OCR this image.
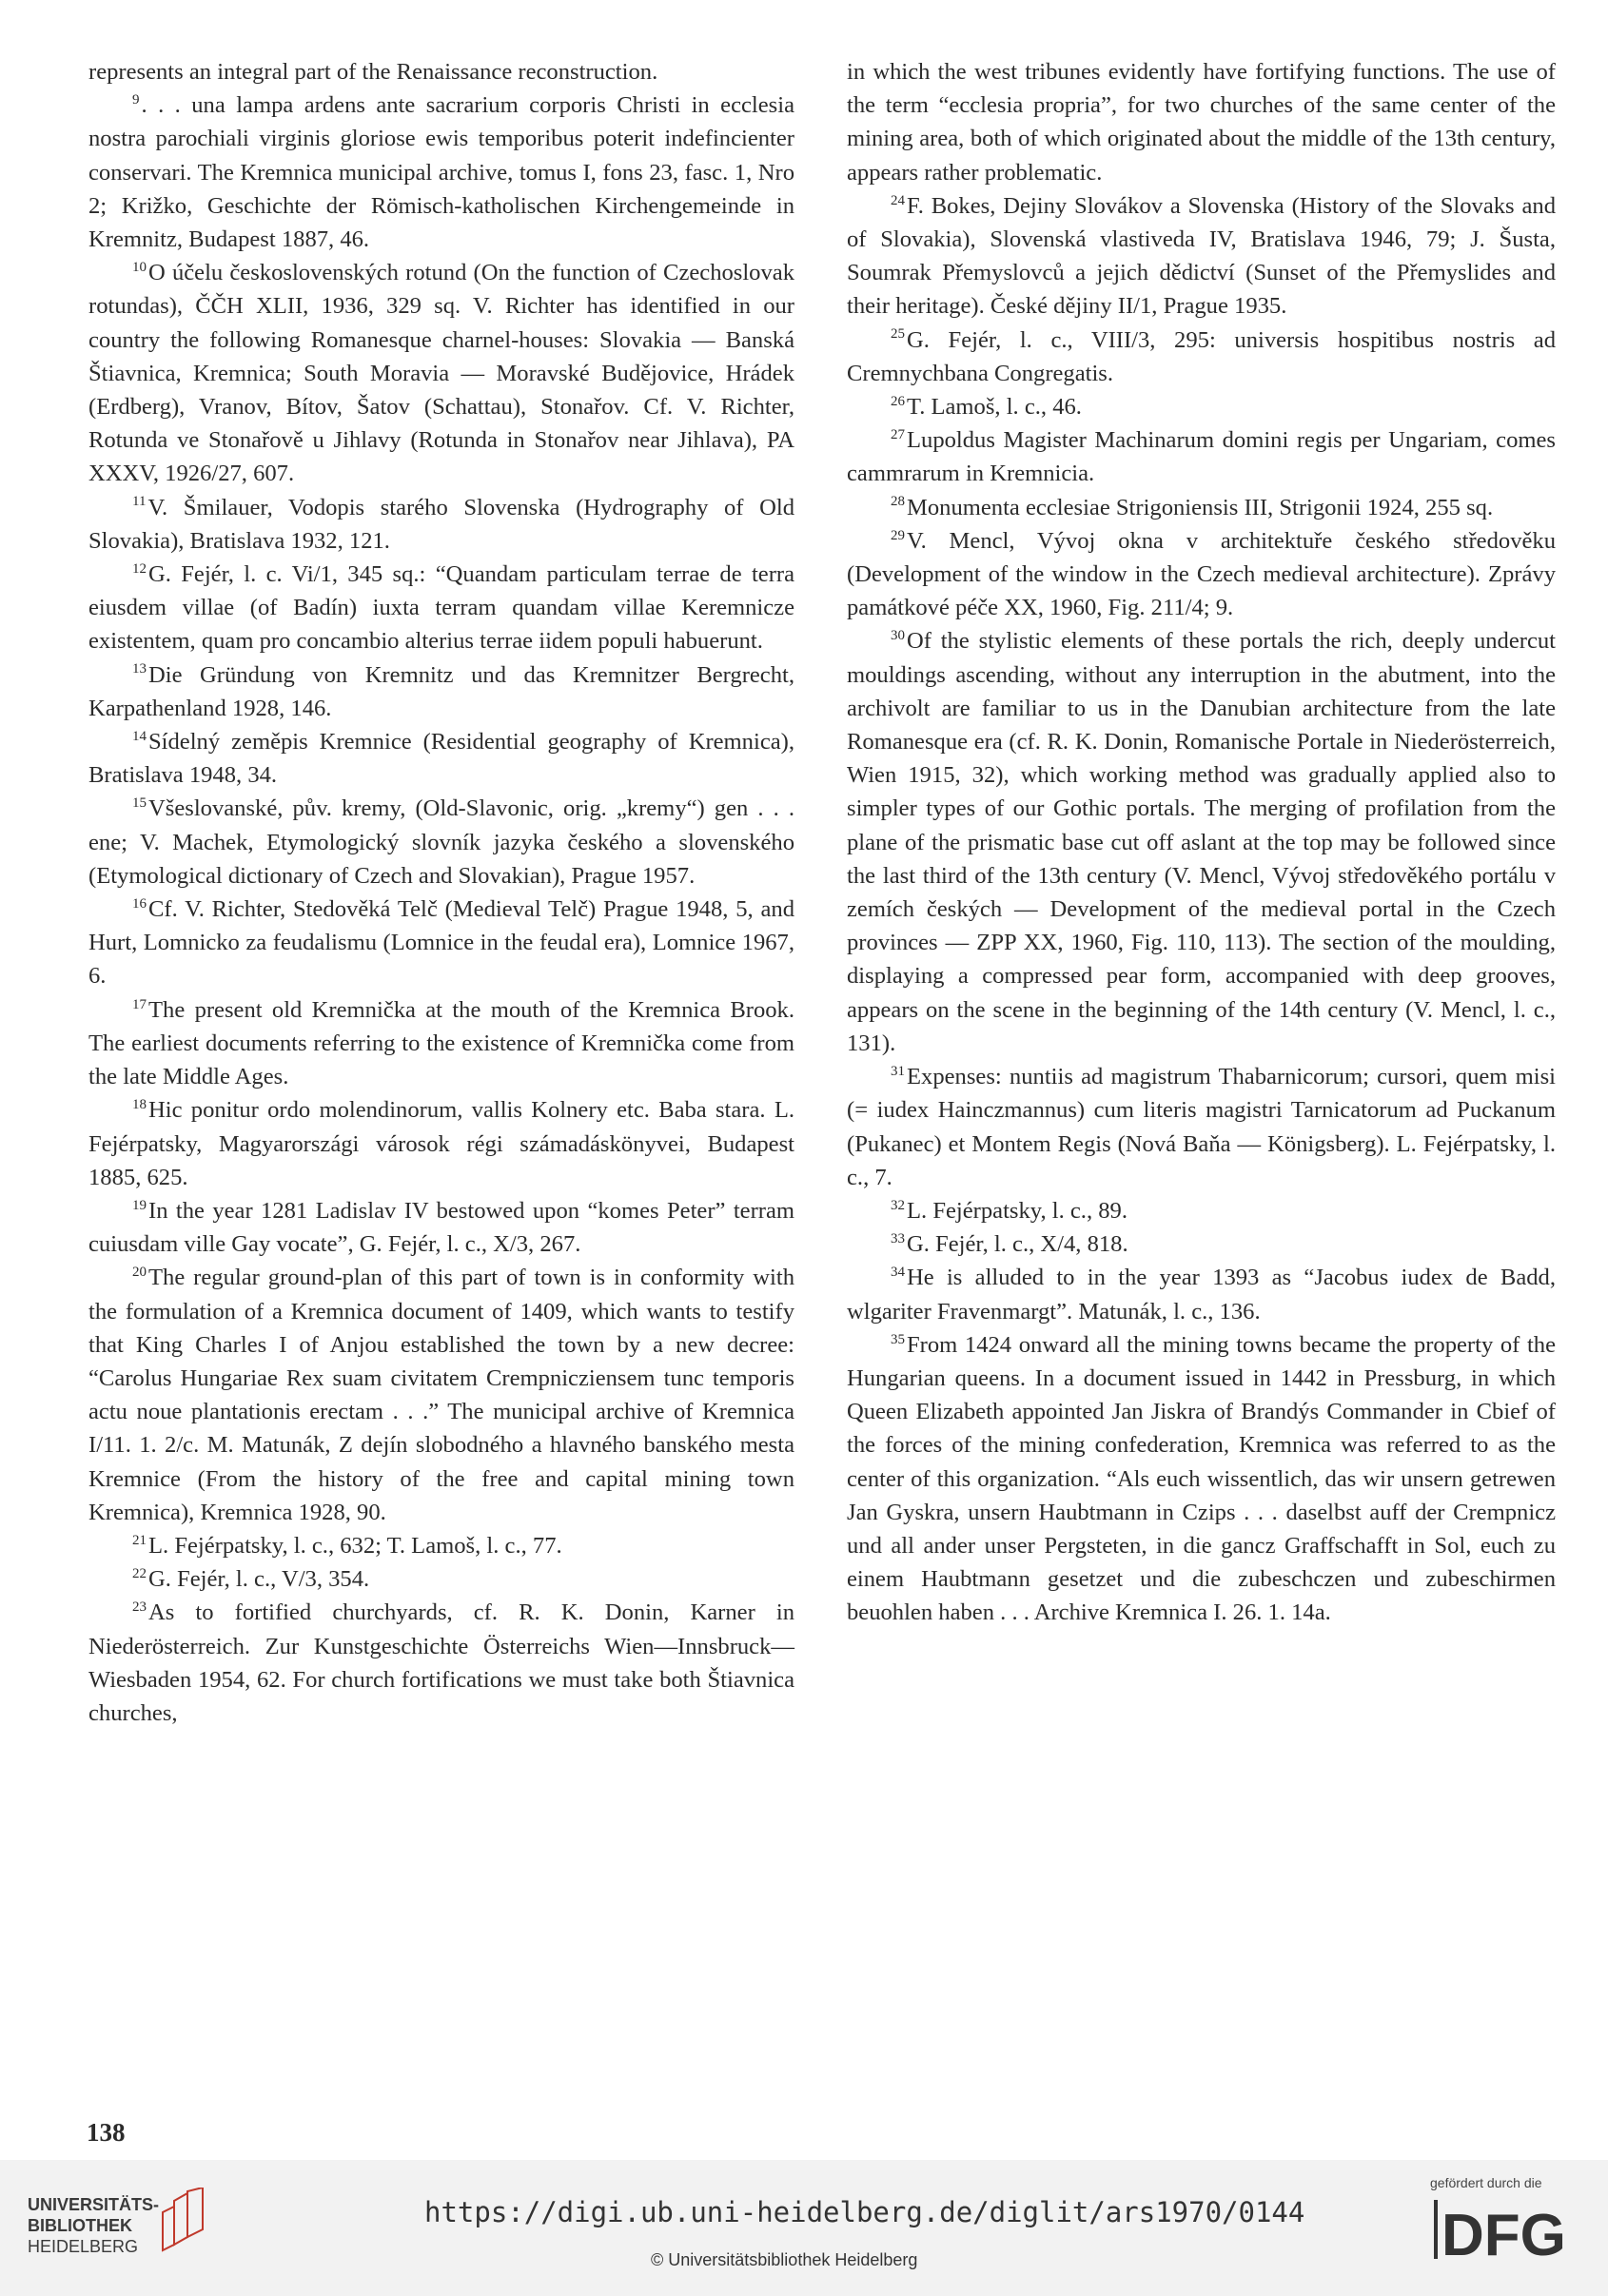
represents an integral part of the Renaissance reconstruction.

$^9$. . . una lampa ardens ante sacrarium corporis Christi in ecclesia nostra parochiali virginis gloriose ewis temporibus poterit indefincienter conservari. The Kremnica municipal archive, tomus I, fons 23, fasc. 1, Nro 2; Križko, Geschichte der Römisch-katholischen Kirchengemeinde in Kremnitz, Budapest 1887, 46.

$^{10}$O účelu československých rotund (On the function of Czechoslovak rotundas), ČČH XLII, 1936, 329 sq. V. Richter has identified in our country the following Romanesque charnel-houses: Slovakia — Banská Štiavnica, Kremnica; South Moravia — Moravské Budějovice, Hrádek (Erdberg), Vranov, Bítov, Šatov (Schattau), Stonařov. Cf. V. Richter, Rotunda ve Stonařově u Jihlavy (Rotunda in Stonařov near Jihlava), PA XXXV, 1926/27, 607.

$^{11}$V. Šmilauer, Vodopis starého Slovenska (Hydrography of Old Slovakia), Bratislava 1932, 121.

$^{12}$G. Fejér, l. c. Vi/1, 345 sq.: “Quandam particulam terrae de terra eiusdem villae (of Badín) iuxta terram quandam villae Keremnicze existentem, quam pro concambio alterius terrae iidem populi habuerunt.

$^{13}$Die Gründung von Kremnitz und das Kremnitzer Bergrecht, Karpathenland 1928, 146.

$^{14}$Sídelný zeměpis Kremnice (Residential geography of Kremnica), Bratislava 1948, 34.

$^{15}$Všeslovanské, pův. kremy, (Old-Slavonic, orig. „kremy“) gen . . . ene; V. Machek, Etymologický slovník jazyka českého a slovenského (Etymological dictionary of Czech and Slovakian), Prague 1957.

$^{16}$Cf. V. Richter, Stedověká Telč (Medieval Telč) Prague 1948, 5, and Hurt, Lomnicko za feudalismu (Lomnice in the feudal era), Lomnice 1967, 6.

$^{17}$The present old Kremnička at the mouth of the Kremnica Brook. The earliest documents referring to the existence of Kremnička come from the late Middle Ages.

$^{18}$Hic ponitur ordo molendinorum, vallis Kolnery etc. Baba stara. L. Fejérpatsky, Magyarországi városok régi számadáskönyvei, Budapest 1885, 625.

$^{19}$In the year 1281 Ladislav IV bestowed upon “komes Peter” terram cuiusdam ville Gay vocate”, G. Fejér, l. c., X/3, 267.

$^{20}$The regular ground-plan of this part of town is in conformity with the formulation of a Kremnica document of 1409, which wants to testify that King Charles I of Anjou established the town by a new decree: “Carolus Hungariae Rex suam civitatem Crempnicziensem tunc temporis actu noue plantationis erectam . . .” The municipal archive of Kremnica I/11. 1. 2/c. M. Matunák, Z dejín slobodného a hlavného banského mesta Kremnice (From the history of the free and capital mining town Kremnica), Kremnica 1928, 90.

$^{21}$L. Fejérpatsky, l. c., 632; T. Lamoš, l. c., 77.

$^{22}$G. Fejér, l. c., V/3, 354.

$^{23}$As to fortified churchyards, cf. R. K. Donin, Karner in Niederösterreich. Zur Kunstgeschichte Österreichs Wien—Innsbruck—Wiesbaden 1954, 62. For church fortifications we must take both Štiavnica churches,

in which the west tribunes evidently have fortifying functions. The use of the term “ecclesia propria”, for two churches of the same center of the mining area, both of which originated about the middle of the 13th century, appears rather problematic.

$^{24}$F. Bokes, Dejiny Slovákov a Slovenska (History of the Slovaks and of Slovakia), Slovenská vlastiveda IV, Bratislava 1946, 79; J. Šusta, Soumrak Přemyslovců a jejich dědictví (Sunset of the Přemyslides and their heritage). České dějiny II/1, Prague 1935.

$^{25}$G. Fejér, l. c., VIII/3, 295: universis hospitibus nostris ad Cremnychbana Congregatis.

$^{26}$T. Lamoš, l. c., 46.

$^{27}$Lupoldus Magister Machinarum domini regis per Ungariam, comes cammrarum in Kremnicia.

$^{28}$Monumenta ecclesiae Strigoniensis III, Strigonii 1924, 255 sq.

$^{29}$V. Mencl, Vývoj okna v architektuře českého středověku (Development of the window in the Czech medieval architecture). Zprávy památkové péče XX, 1960, Fig. 211/4; 9.

$^{30}$Of the stylistic elements of these portals the rich, deeply undercut mouldings ascending, without any interruption in the abutment, into the archivolt are familiar to us in the Danubian architecture from the late Romanesque era (cf. R. K. Donin, Romanische Portale in Niederösterreich, Wien 1915, 32), which working method was gradually applied also to simpler types of our Gothic portals. The merging of profilation from the plane of the prismatic base cut off aslant at the top may be followed since the last third of the 13th century (V. Mencl, Vývoj středověkého portálu v zemích českých — Development of the medieval portal in the Czech provinces — ZPP XX, 1960, Fig. 110, 113). The section of the moulding, displaying a compressed pear form, accompanied with deep grooves, appears on the scene in the beginning of the 14th century (V. Mencl, l. c., 131).

$^{31}$Expenses: nuntiis ad magistrum Thabarnicorum; cursori, quem misi (= iudex Hainczmannus) cum literis magistri Tarnicatorum ad Puckanum (Pukanec) et Montem Regis (Nová Baňa — Königsberg). L. Fejérpatsky, l. c., 7.

$^{32}$L. Fejérpatsky, l. c., 89.

$^{33}$G. Fejér, l. c., X/4, 818.

$^{34}$He is alluded to in the year 1393 as “Jacobus iudex de Badd, wlgariter Fravenmargt”. Matunák, l. c., 136.

$^{35}$From 1424 onward all the mining towns became the property of the Hungarian queens. In a document issued in 1442 in Pressburg, in which Queen Elizabeth appointed Jan Jiskra of Brandýs Commander in Cbief of the forces of the mining confederation, Kremnica was referred to as the center of this organization. “Als euch wissentlich, das wir unsern getrewen Jan Gyskra, unsern Haubtmann in Czips . . . daselbst auff der Crempnicz und all ander unser Pergsteten, in die gancz Graffschafft in Sol, euch zu einem Haubtmann gesetzet und die zubeschczen und zubeschirmen beuohlen haben . . . Archive Kremnica I. 26. 1. 14a.

138
UNIVERSITÄTS-
BIBLIOTHEK
HEIDELBERG
https://digi.ub.uni-heidelberg.de/diglit/ars1970/0144
© Universitätsbibliothek Heidelberg
gefördert durch die
DFG
